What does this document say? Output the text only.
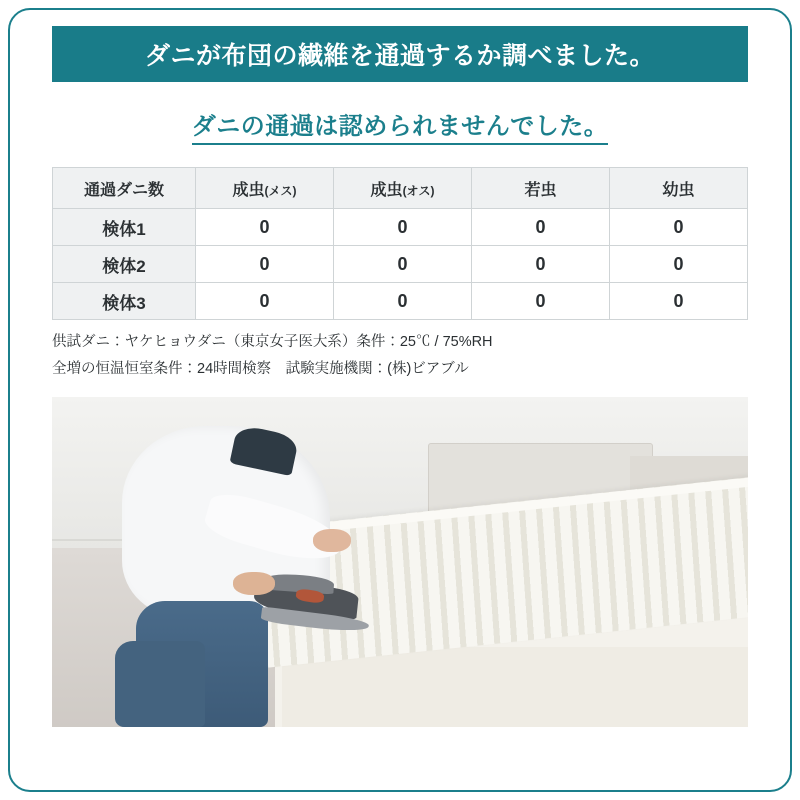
ダニが布団の繊維を通過するか調べました。
ダニの通過は認められませんでした。
通過ダニ数	成虫(メス)	成虫(オス)	若虫	幼虫
検体1	0	0	0	0
検体2	0	0	0	0
検体3	0	0	0	0
供試ダニ：ヤケヒョウダニ（東京女子医大系）条件：25℃ / 75%RH
全増の恒温恒室条件：24時間検察　試験実施機関：(株)ビアブル
